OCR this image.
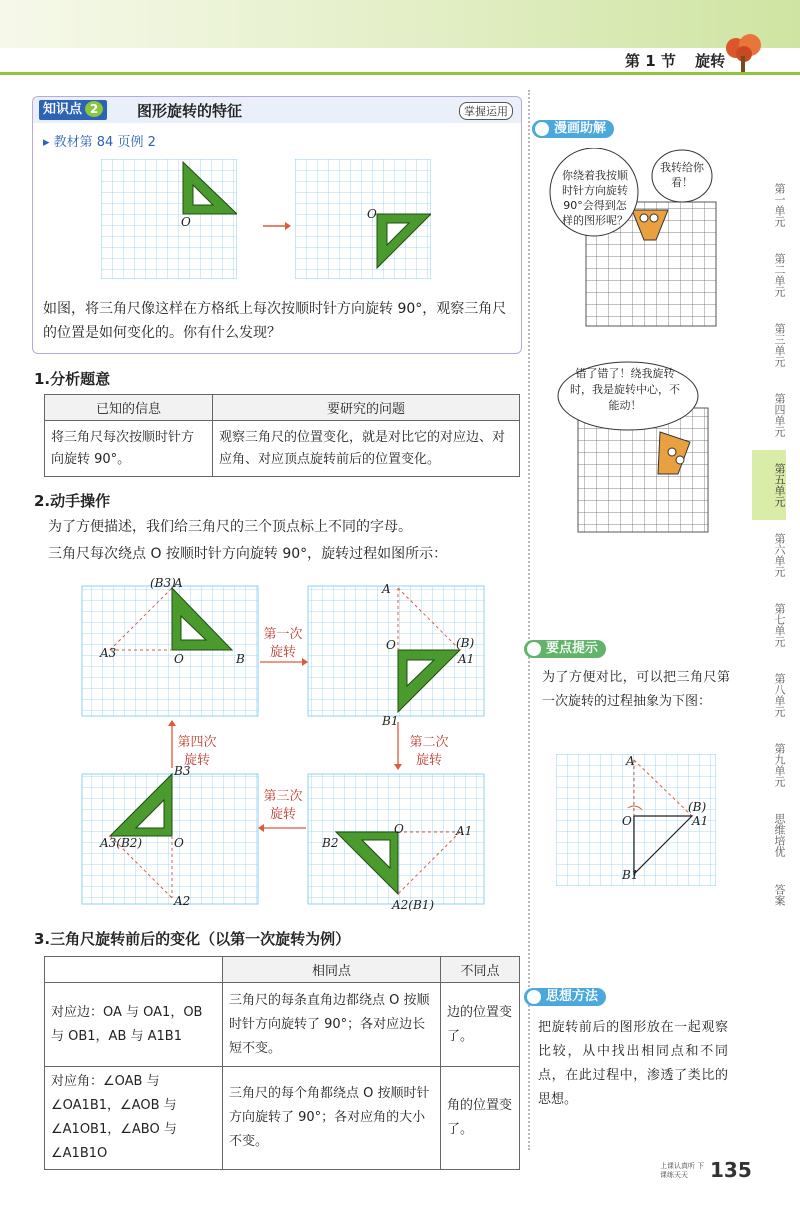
第 1 节 旋转
知识点 2	图形旋转的特征	掌握运用
▸ 教材第 84 页例 2
O
O
如图，将三角尺像这样在方格纸上每次按顺时针方向旋转 90°，观察三角尺的位置是如何变化的。你有什么发现？
1.分析题意
已知的信息	要研究的问题
将三角尺每次按顺时针方向旋转 90°。	观察三角尺的位置变化，就是对比它的对应边、对应角、对应顶点旋转前后的位置变化。
2.动手操作
为了方便描述，我们给三角尺的三个顶点标上不同的字母。
三角尺每次绕点 O 按顺时针方向旋转 90°，旋转过程如图所示：
第一次旋转
第二次旋转
第三次旋转
第四次旋转
(B3)
A
A3	O	B
A
O	(B)
A1
B1
B3
A3(B2)	O
A2
B2
O	A1
A2(B1)
3.三角尺旋转前后的变化（以第一次旋转为例）
	相同点	不同点
对应边：OA 与 OA1，OB 与 OB1，AB 与 A1B1	三角尺的每条直角边都绕点 O 按顺时针方向旋转了 90°；各对应边长短不变。	边的位置变了。
对应角：∠OAB 与∠OA1B1，∠AOB 与∠A1OB1，∠ABO 与∠A1B1O	三角尺的每个角都绕点 O 按顺时针方向旋转了 90°；各对应角的大小不变。	角的位置变了。
漫画助解
你绕着我按顺时针方向旋转90°会得到怎样的图形呢？
我转给你看！
错了错了！绕我旋转时，我是旋转中心，不能动！
要点提示
为了方便对比，可以把三角尺第一次旋转的过程抽象为下图：
A
O
(B)
A1
B1
思想方法
把旋转前后的图形放在一起观察比较，从中找出相同点和不同点，在此过程中，渗透了类比的思想。
第一单元
第二单元
第三单元
第四单元
第五单元
第六单元
第七单元
第八单元
第九单元
思维培优
答案
上课认真听 下课练天天	135
